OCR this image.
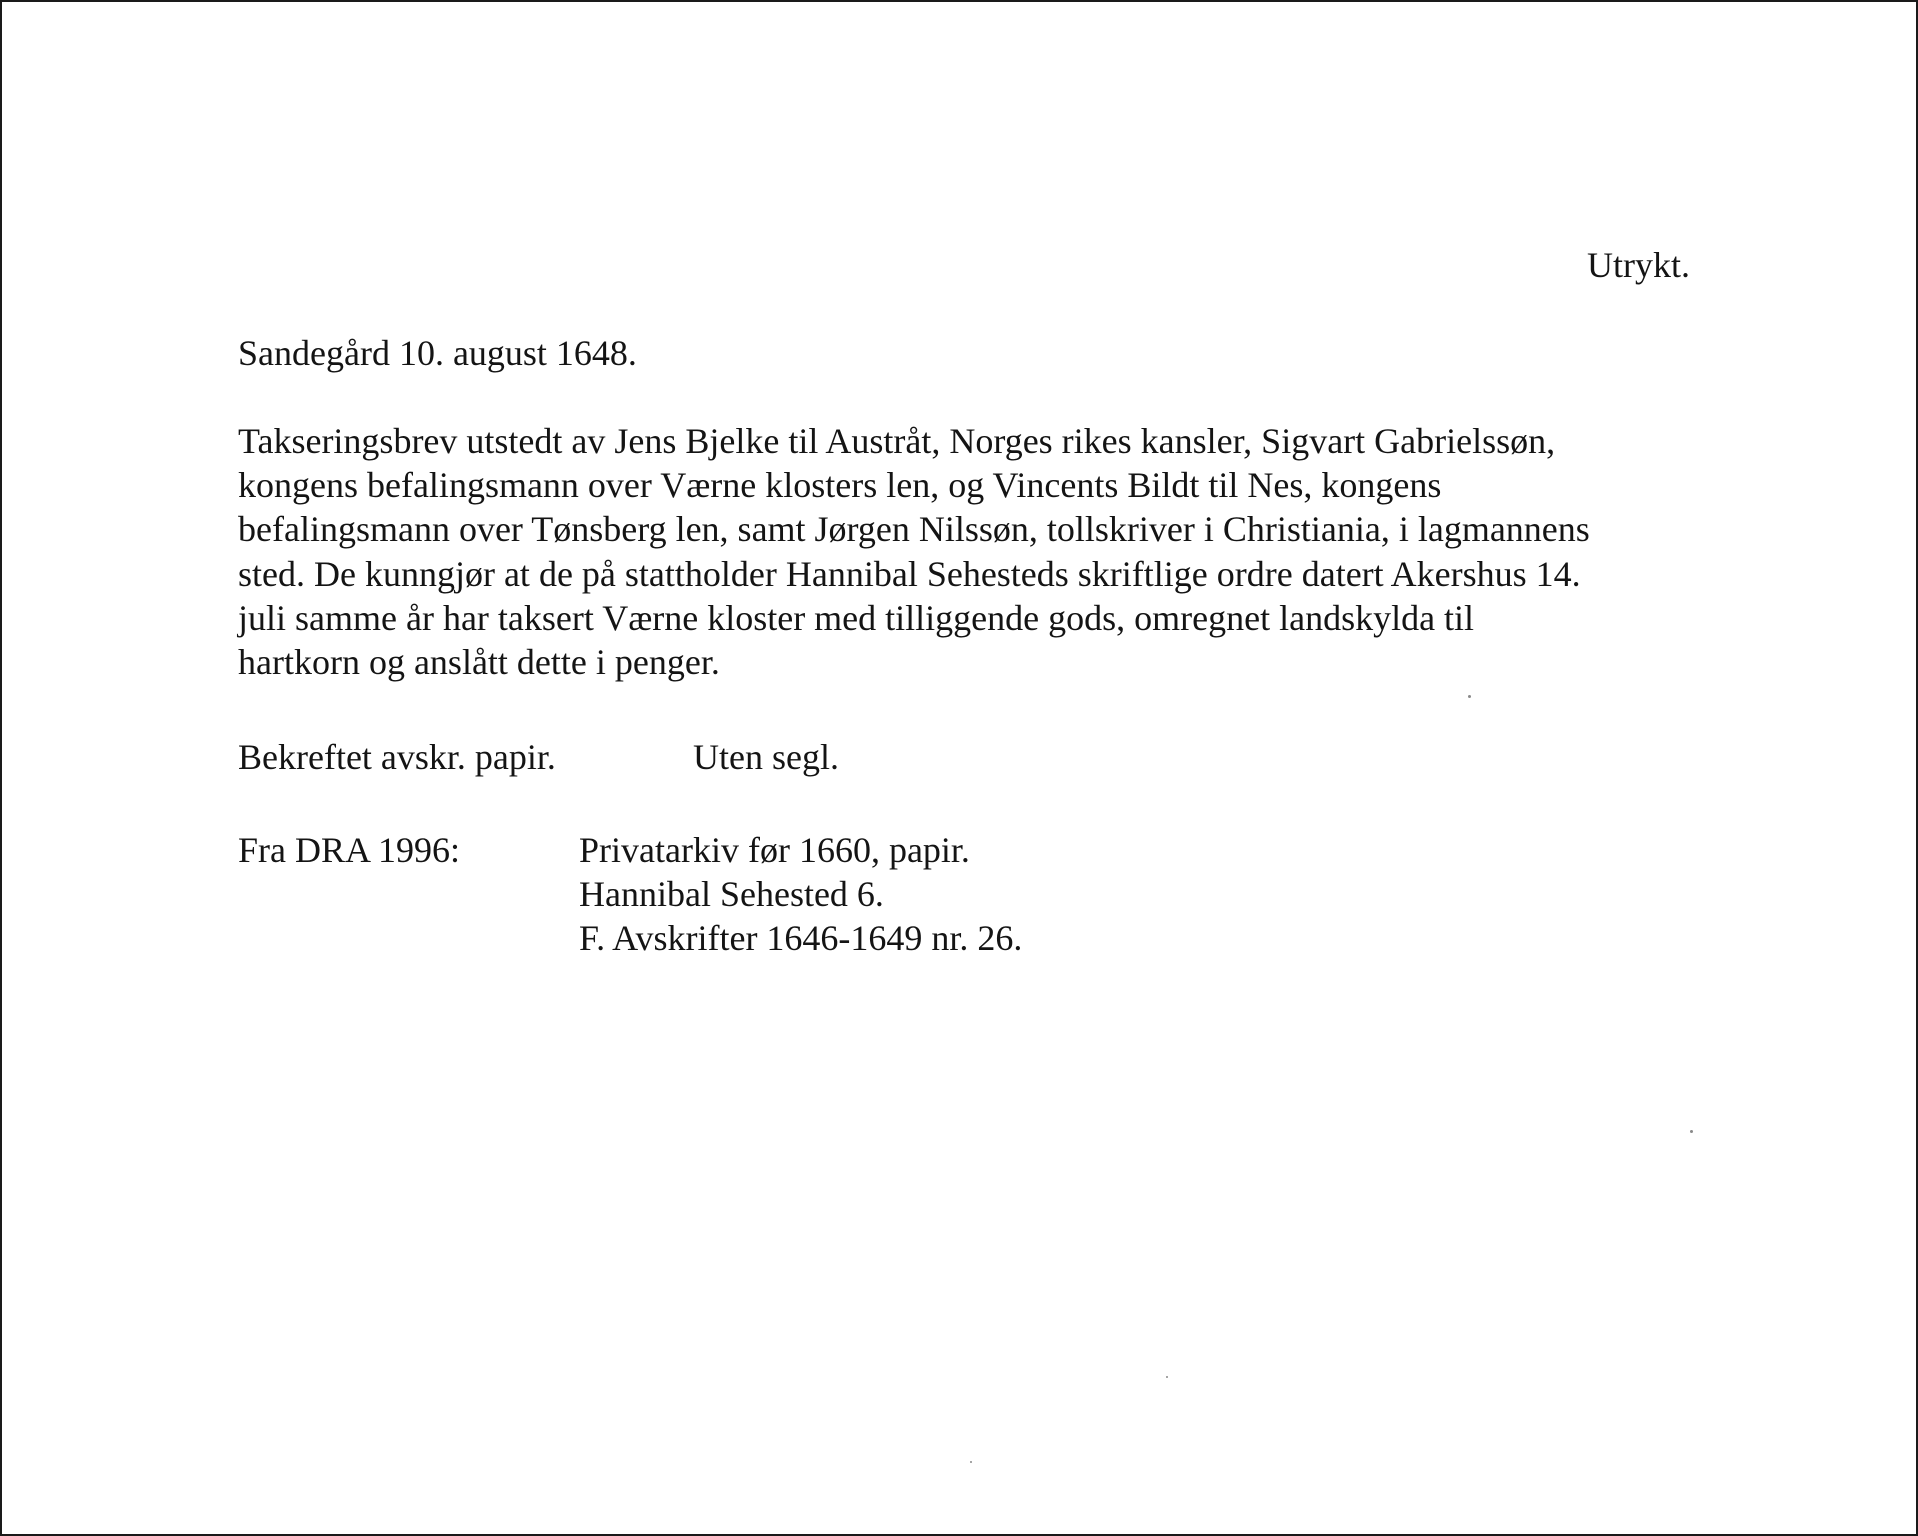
Utrykt.

Sandegård 10. august 1648.

Takseringsbrev utstedt av Jens Bjelke til Austråt, Norges rikes kansler, Sigvart Gabrielssøn,
kongens befalingsmann over Værne klosters len, og Vincents Bildt til Nes, kongens
befalingsmann over Tønsberg len, samt Jørgen Nilssøn, tollskriver i Christiania, i lagmannens
sted. De kunngjør at de på stattholder Hannibal Sehesteds skriftlige ordre datert Akershus 14.
juli samme år har taksert Værne kloster med tilliggende gods, omregnet landskylda til
hartkorn og anslått dette i penger.

Bekreftet avskr. papir.	Uten segl.

Fra DRA 1996:	Privatarkiv før 1660, papir.
Hannibal Sehested 6.
F. Avskrifter 1646-1649 nr. 26.
